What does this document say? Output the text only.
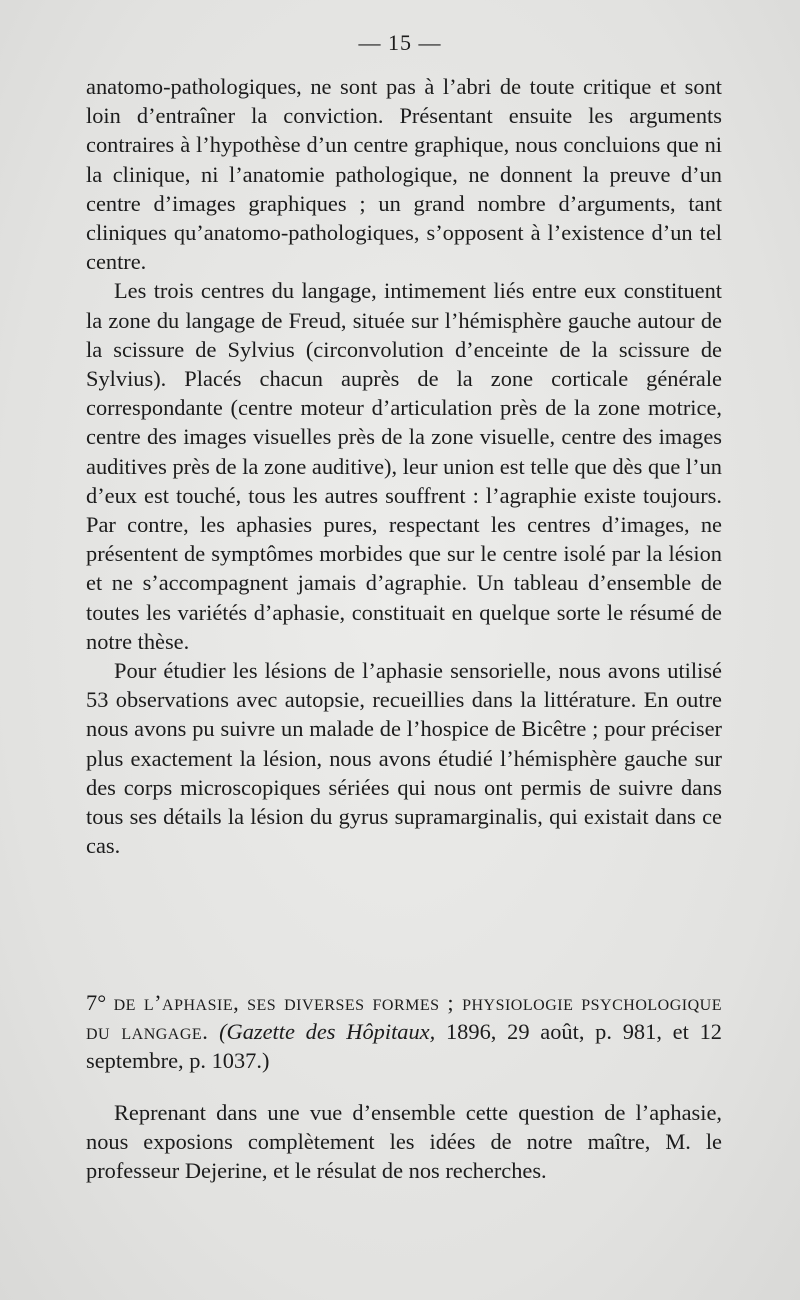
— 15 —

anatomo-pathologiques, ne sont pas à l’abri de toute critique et sont loin d’entraîner la conviction. Présentant ensuite les arguments contraires à l’hypothèse d’un centre graphique, nous concluions que ni la clinique, ni l’anatomie pathologique, ne donnent la preuve d’un centre d’images graphiques ; un grand nombre d’arguments, tant cliniques qu’anatomo-pathologiques, s’opposent à l’existence d’un tel centre.

Les trois centres du langage, intimement liés entre eux constituent la zone du langage de Freud, située sur l’hémisphère gauche autour de la scissure de Sylvius (circonvolution d’enceinte de la scissure de Sylvius). Placés chacun auprès de la zone corticale générale correspondante (centre moteur d’articulation près de la zone motrice, centre des images visuelles près de la zone visuelle, centre des images auditives près de la zone auditive), leur union est telle que dès que l’un d’eux est touché, tous les autres souffrent : l’agraphie existe toujours. Par contre, les aphasies pures, respectant les centres d’images, ne présentent de symptômes morbides que sur le centre isolé par la lésion et ne s’accompagnent jamais d’agraphie. Un tableau d’ensemble de toutes les variétés d’aphasie, constituait en quelque sorte le résumé de notre thèse.

Pour étudier les lésions de l’aphasie sensorielle, nous avons utilisé 53 observations avec autopsie, recueillies dans la littérature. En outre nous avons pu suivre un malade de l’hospice de Bicêtre ; pour préciser plus exactement la lésion, nous avons étudié l’hémisphère gauche sur des corps microscopiques sériées qui nous ont permis de suivre dans tous ses détails la lésion du gyrus supramarginalis, qui existait dans ce cas.

7° de l’aphasie, ses diverses formes ; physiologie psychologique du langage. (Gazette des Hôpitaux, 1896, 29 août, p. 981, et 12 septembre, p. 1037.)

Reprenant dans une vue d’ensemble cette question de l’aphasie, nous exposions complètement les idées de notre maître, M. le professeur Dejerine, et le résulat de nos recherches.
